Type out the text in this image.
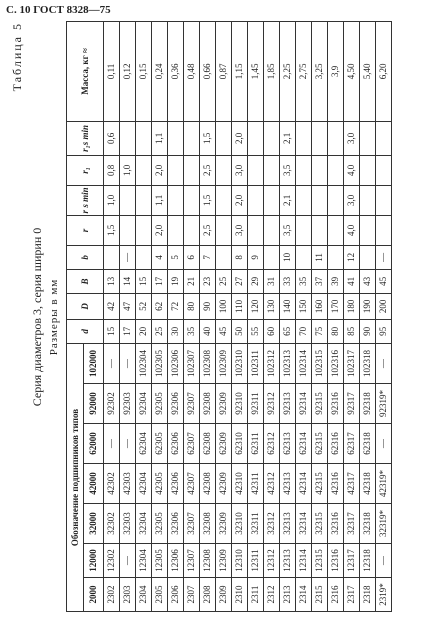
С. 10 ГОСТ 8328—75
Таблица 5
Серия диаметров 3, серия ширин 0 Размеры в мм
Обозначение подшипников типов							d	D	B	b	r	r s min	r₁	r₁s min	Масса, кг ≈
2000	12000	32000	42000	62000	92000	102000									
2302	12302	32302	42302	—	92302	—	15	42	13		1,5	1,0	0,8	0,6	0,11
2303	—	32303	42303	—	92303	—	17	47	14	—			1,0		0,12
2304	12304	32304	42304	62304	92304	102304	20	52	15						0,15
2305	12305	32305	42305	62305	92305	102305	25	62	17	4	2,0	1,1	2,0	1,1	0,24
2306	12306	32306	42306	62306	92306	102306	30	72	19	5					0,36
2307	12307	32307	42307	62307	92307	102307	35	80	21	6					0,48
2308	12308	32308	42308	62308	92308	102308	40	90	23	7	2,5	1,5	2,5	1,5	0,66
2309	12309	32309	42309	62309	92309	102309	45	100	25						0,87
2310	12310	32310	42310	62310	92310	102310	50	110	27	8	3,0	2,0	3,0	2,0	1,15
2311	12311	32311	42311	62311	92311	102311	55	120	29	9					1,45
2312	12312	32312	42312	62312	92312	102312	60	130	31						1,85
2313	12313	32313	42313	62313	92313	102313	65	140	33	10	3,5	2,1	3,5	2,1	2,25
2314	12314	32314	42314	62314	92314	102314	70	150	35						2,75
2315	12315	32315	42315	62315	92315	102315	75	160	37	11					3,25
2316	12316	32316	42316	62316	92316	102316	80	170	39						3,9
2317	12317	32317	42317	62317	92317	102317	85	180	41	12	4,0	3,0	4,0	3,0	4,50
2318	12318	32318	42318	62318	92318	102318	90	190	43						5,40
2319*	—	32319*	42319*	—	92319*	—	95	200	45	—					6,20
